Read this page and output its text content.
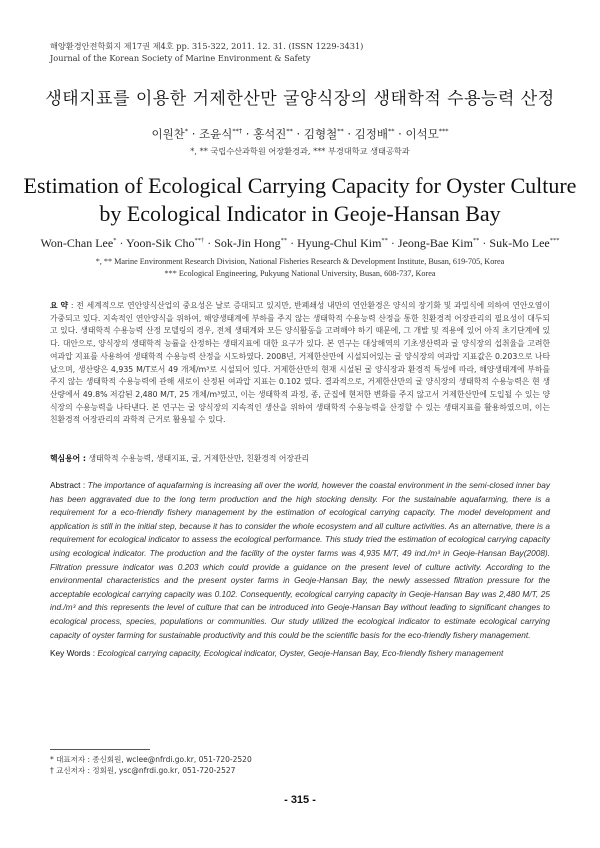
해양환경안전학회지 제17권 제4호 pp. 315-322, 2011. 12. 31. (ISSN 1229-3431)
Journal of the Korean Society of Marine Environment & Safety
생태지표를 이용한 거제한산만 굴양식장의 생태학적 수용능력 산정
이원찬* · 조윤식**† · 홍석진** · 김형철** · 김정배** · 이석모***
*, ** 국립수산과학원 어장환경과, *** 부경대학교 생태공학과
Estimation of Ecological Carrying Capacity for Oyster Culture
by Ecological Indicator in Geoje-Hansan Bay
Won-Chan Lee* · Yoon-Sik Cho**† · Sok-Jin Hong** · Hyung-Chul Kim** · Jeong-Bae Kim** · Suk-Mo Lee***
*, ** Marine Environment Research Division, National Fisheries Research & Development Institute, Busan, 619-705, Korea
*** Ecological Engineering, Pukyung National University, Busan, 608-737, Korea
요 약 : 전 세계적으로 연안양식산업의 중요성은 날로 증대되고 있지만, 반폐쇄성 내만의 연안환경은 양식의 장기화 및 과밀식에 의하여 연안오염이 가중되고 있다. 지속적인 연안양식을 위하여, 해양생태계에 부하를 주지 않는 생태학적 수용능력 산정을 통한 친환경적 어장관리의 필요성이 대두되고 있다. 생태학적 수용능력 산정 모델링의 경우, 전체 생태계와 모든 양식활동을 고려해야 하기 때문에, 그 개발 및 적용에 있어 아직 초기단계에 있다. 대안으로, 양식장의 생태학적 능률을 산정하는 생태지표에 대한 요구가 있다. 본 연구는 대상해역의 기초생산력과 굴 양식장의 섭취율을 고려한 여과압 지표를 사용하여 생태학적 수용능력 산정을 시도하였다. 2008년, 거제한산만에 시설되어있는 굴 양식장의 여과압 지표값은 0.203으로 나타났으며, 생산량은 4,935 M/T로서 49 개체/m³로 시설되어 있다. 거제한산만의 현재 시설된 굴 양식장과 환경적 특성에 따라, 해양생태계에 부하를 주지 않는 생태학적 수용능력에 관해 새로이 산정된 여과압 지표는 0.102 였다. 결과적으로, 거제한산만의 굴 양식장의 생태학적 수용능력은 현 생산량에서 49.8% 저감된 2,480 M/T, 25 개체/m³였고, 이는 생태학적 과정, 종, 군집에 현저한 변화를 주지 않고서 거제한산만에 도입될 수 있는 양식장의 수용능력을 나타낸다. 본 연구는 굴 양식장의 지속적인 생산을 위하여 생태학적 수용능력을 산정할 수 있는 생태지표를 활용하였으며, 이는 친환경적 어장관리의 과학적 근거로 활용될 수 있다.
핵심용어 : 생태학적 수용능력, 생태지표, 굴, 거제한산만, 친환경적 어장관리
Abstract : The importance of aquafarming is increasing all over the world, however the coastal environment in the semi-closed inner bay has been aggravated due to the long term production and the high stocking density. For the sustainable aquafarming, there is a requirement for a eco-friendly fishery management by the estimation of ecological carrying capacity. The model development and application is still in the initial step, because it has to consider the whole ecosystem and all culture activities. As an alternative, there is a requirement for ecological indicator to assess the ecological performance. This study tried the estimation of ecological carrying capacity using ecological indicator. The production and the facility of the oyster farms was 4,935 M/T, 49 ind./m³ in Geoje-Hansan Bay(2008). Filtration pressure indicator was 0.203 which could provide a guidance on the present level of culture activity. According to the environmental characteristics and the present oyster farms in Geoje-Hansan Bay, the newly assessed filtration pressure for the acceptable ecological carrying capacity was 0.102. Consequently, ecological carrying capacity in Geoje-Hansan Bay was 2,480 M/T, 25 ind./m³ and this represents the level of culture that can be introduced into Geoje-Hansan Bay without leading to significant changes to ecological process, species, populations or communities. Our study utilized the ecological indicator to estimate ecological carrying capacity of oyster farming for sustainable productivity and this could be the scientific basis for the eco-friendly fishery management.
Key Words : Ecological carrying capacity, Ecological indicator, Oyster, Geoje-Hansan Bay, Eco-friendly fishery management
* 대표저자 : 종신회원, wclee@nfrdi.go.kr, 051-720-2520
† 교신저자 : 정회원, ysc@nfrdi.go.kr, 051-720-2527
- 315 -
